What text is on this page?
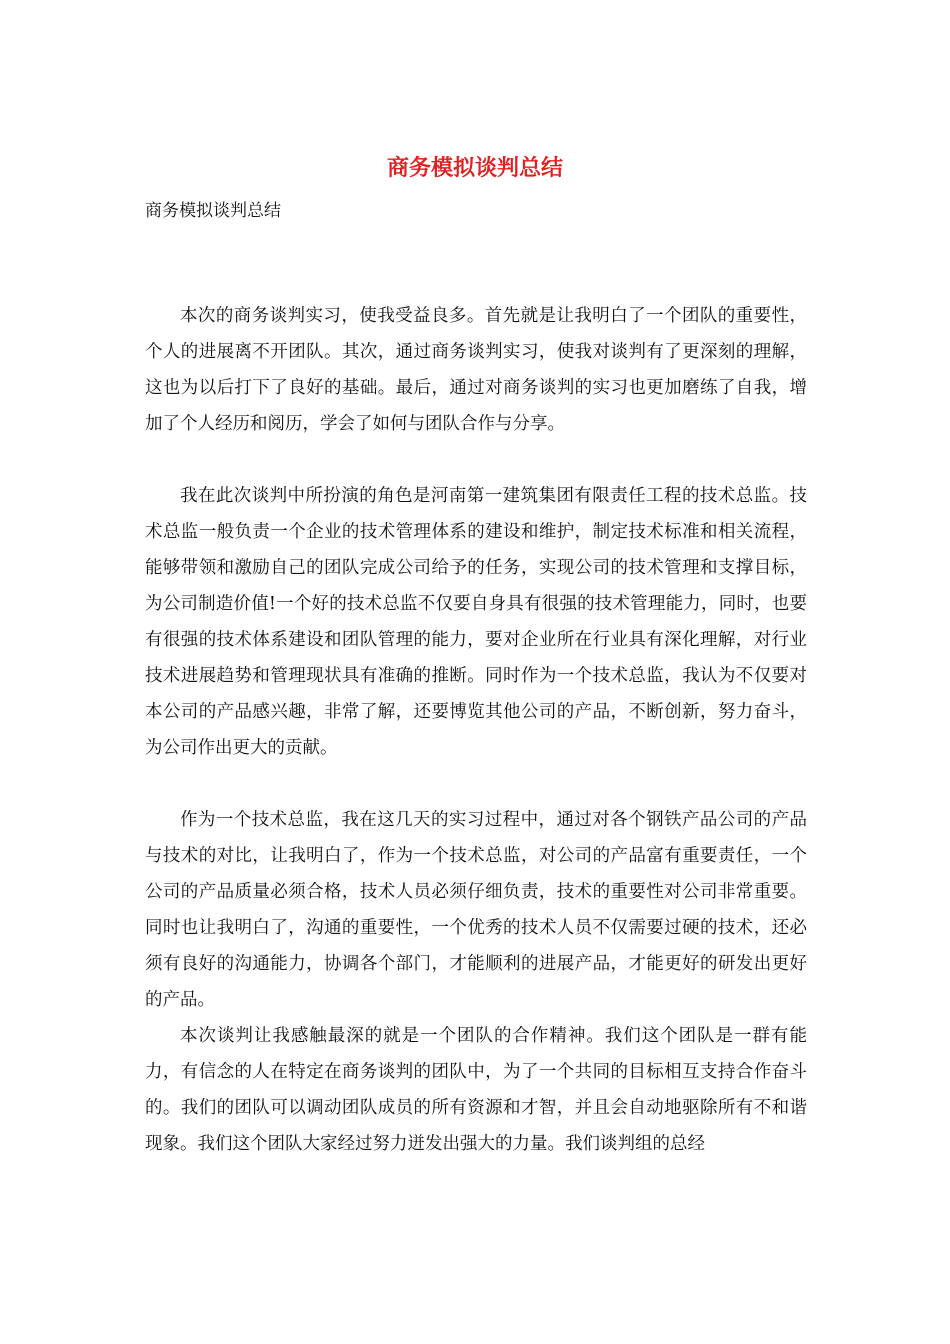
商务模拟谈判总结

商务模拟谈判总结

本次的商务谈判实习，使我受益良多。首先就是让我明白了一个团队的重要性，个人的进展离不开团队。其次，通过商务谈判实习，使我对谈判有了更深刻的理解，这也为以后打下了良好的基础。最后，通过对商务谈判的实习也更加磨练了自我，增加了个人经历和阅历，学会了如何与团队合作与分享。

我在此次谈判中所扮演的角色是河南第一建筑集团有限责任工程的技术总监。技术总监一般负责一个企业的技术管理体系的建设和维护，制定技术标准和相关流程，能够带领和激励自己的团队完成公司给予的任务，实现公司的技术管理和支撑目标，为公司制造价值!一个好的技术总监不仅要自身具有很强的技术管理能力，同时，也要有很强的技术体系建设和团队管理的能力，要对企业所在行业具有深化理解，对行业技术进展趋势和管理现状具有准确的推断。同时作为一个技术总监，我认为不仅要对本公司的产品感兴趣，非常了解，还要博览其他公司的产品，不断创新，努力奋斗，为公司作出更大的贡献。

作为一个技术总监，我在这几天的实习过程中，通过对各个钢铁产品公司的产品与技术的对比，让我明白了，作为一个技术总监，对公司的产品富有重要责任，一个公司的产品质量必须合格，技术人员必须仔细负责，技术的重要性对公司非常重要。同时也让我明白了，沟通的重要性，一个优秀的技术人员不仅需要过硬的技术，还必须有良好的沟通能力，协调各个部门，才能顺利的进展产品，才能更好的研发出更好的产品。

本次谈判让我感触最深的就是一个团队的合作精神。我们这个团队是一群有能力，有信念的人在特定在商务谈判的团队中，为了一个共同的目标相互支持合作奋斗的。我们的团队可以调动团队成员的所有资源和才智，并且会自动地驱除所有不和谐现象。我们这个团队大家经过努力迸发出强大的力量。我们谈判组的总经
